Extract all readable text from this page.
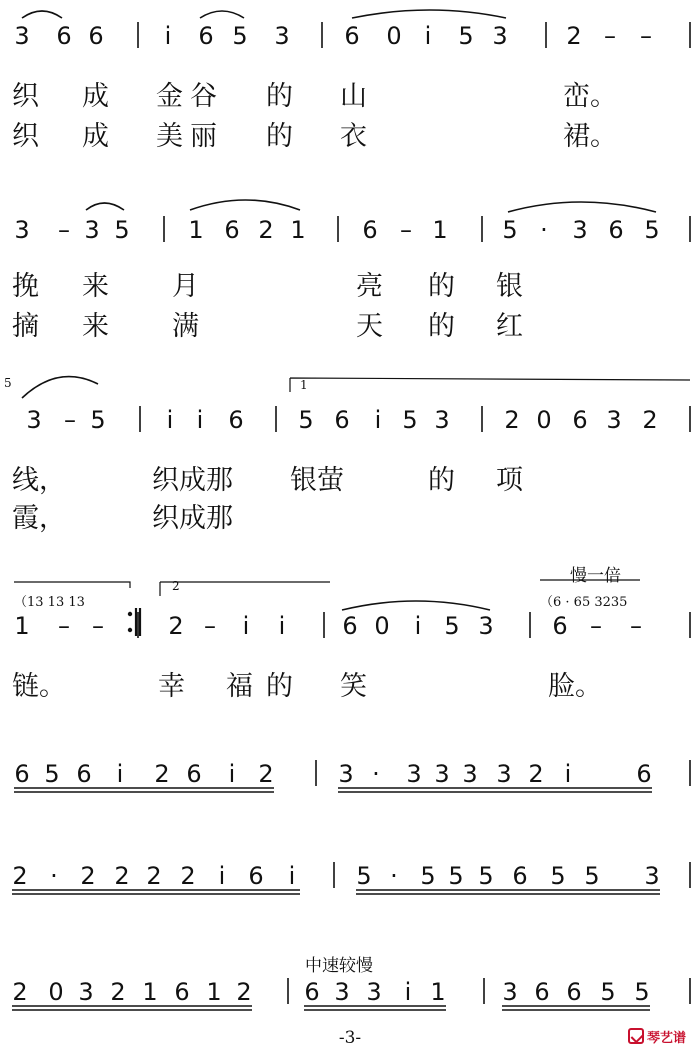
3 6 6	i 6 5 3 6 0 i 5 3 2 – –
3 – 3 5 1 6 2 1 6 – 1 5 · 3 6 5
3 – 5	i i 6 5 6 i 5 3 2 0 6 3 2
1 – –	2 – i i 6 0 i 5 3 6 – –
6 5 6 i 2 6 i 2	3 · 3 3 3 3 2 i	6
2 · 2 2 2 2 i 6 i	5 · 5 5 5 6 5 5 3
2 0 3 2 1 6 1 2 6 3 3 i 1 3 6 6 5 5
织 成 金 谷 的 山	峦。
织 成 美 丽 的 衣	裙。
挽 来 月	亮 的 银
摘 来 满	天 的 红
线，	织成那 银萤	的 项
霞，	织成那
链。	幸 福 的 笑	脸。
5	1
2
（13 13 13	（6 · 65 3235
慢一倍
中速较慢
-3-	琴艺谱
